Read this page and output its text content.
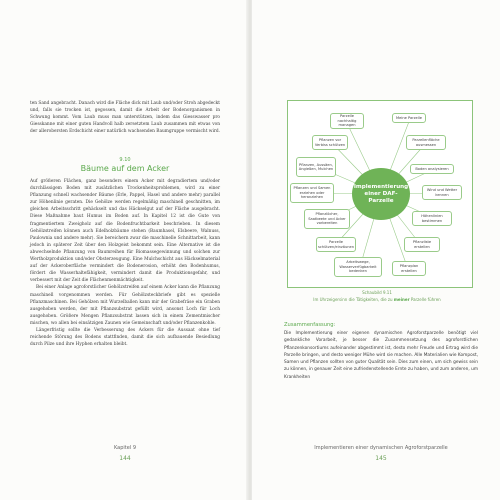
ten Sand angebracht. Danach wird die Fläche dick mit Laub und/oder Stroh abgedeckt und, falls sie trocken ist, gegossen, damit die Arbeit der Bodenorganismen in Schwung kommt. Vom Laub muss man unterstützen, indem das Giesswasser pro Giesskanne mit einer guten Handvoll halb zersetztem Laub zusammen mit etwas von der allerobersten Erdschicht einer natürlich wachsenden Baumgruppe vermischt wird.

9.10
Bäume auf dem Acker

Auf größeren Flächen, ganz besonders einem Acker mit degradiertem und/oder durchlässigem Boden mit zusätzlichen Trockenheitsproblemen, wird zu einer Pflanzung schnell wachsender Bäume (Erle, Pappel, Hasel und andere mehr) parallel zur Höhenlinie geraten. Die Gehölze werden regelmäßig maschinell geschnitten, im gleichen Arbeitsschritt gehäckselt und das Häckselgut auf der Fläche ausgebracht. Diese Maßnahme baut Humus im Boden auf. In Kapitel 12 ist die Gute von fragmentiertem Zweigholz auf die Bodenfruchtbarkeit beschrieben. In diesem Gehölzstreifen können auch Edelholzbäume stehen (Baumhasel, Elsbeere, Walnuss, Paulownia und andere mehr). Sie bereichern zwar die maschinelle Schnittarbeit, kann jedoch in späterer Zeit über den Holzgeist bekommt sein. Eine Alternative ist die abwechselnde Pflanzung von Baumreihen für Biomassegewinnung und solchen zur Wertholzproduktion und/oder Obsterzeugung. Eine Mulchschicht aus Häckselmaterial auf der Ackeroberfläche vermindert die Bodenerosion, erhöht den Bodenhumus, fördert die Wasserhaltefähigkeit, vermindert damit die Produktionsgefahr, und verbessert mit der Zeit die Flächenmenmächtigkeit.

Bei einer Anlage agroforstlicher Gehölzstreifen auf einem Acker kann die Pflanzung maschinell vorgenommen werden. Für Gehölzsteckbriefe gibt es spezielle Pflanzmaschinen. Bei Gehölzen mit Wurzelballen kann mir der Grabefräse ein Graben ausgehoben werden, der mit Pflanzsubstrat gefüllt wird, ansonst Loch für Loch ausgehoben. Größere Mengen Pflanzsubstrat lassen sich in einem Zementmischer mischen, wo allen bei einsätzigen Zaunen wie Gemeinschaft und/oder Pflanzenkohle.

Längerfristig sollte die Verbesserung des Ackers für die Aussaat ohne tief reichende Störung des Bodens stattfinden, damit die sich aufbauende Besiedlung durch Pilze und ihre Hyphen erhalten bleibt.

Kapitel 9
144
Parzelle nachhaltig managen
Meine Parzelle
Pflanzen vor Verbiss schützen
Parzellenfläche ausmessen
Pflanzen, Aussäen, Angießen, Mulchen	Boden analysieren
Pflanzen und Samen erziehen oder heranziehen
Wind und Wetter kennen
Pflanzlöcher, Saatbeete und Acker vorbereiten
Höhenlinien bestimmen
Parzelle schützen/einzäunen
Pflanzliste erstellen
Arbeitswege, Wasserverfügbarkeit bedenken
Pflanzplan erstellen
Implementierung einer DAF-Parzelle
Schaubild 9.11
Im Uhrzeigersinn die Tätigkeiten, die zu meiner Parzelle führen
Zusammenfassung:
Die Implementierung einer eigenen dynamischen Agroforstparzelle benötigt viel gedankliche Vorarbeit, je besser die Zusammensetzung des agroforstlichen Pflanzenkonsortiums aufeinander abgestimmt ist, desto mehr Freude und Ertrag wird die Parzelle bringen, und desto weniger Mühe wird sie machen. Alle Materialien wie Kompost, Samen und Pflanzen sollten von guter Qualität sein. Dies zum einen, um sich gewiss sein zu können, in genauer Zeit eine zufriedenstellende Ernte zu haben, und zum anderen, um Krankheiten
Implementieren einer dynamischen Agroforstparzelle
145
